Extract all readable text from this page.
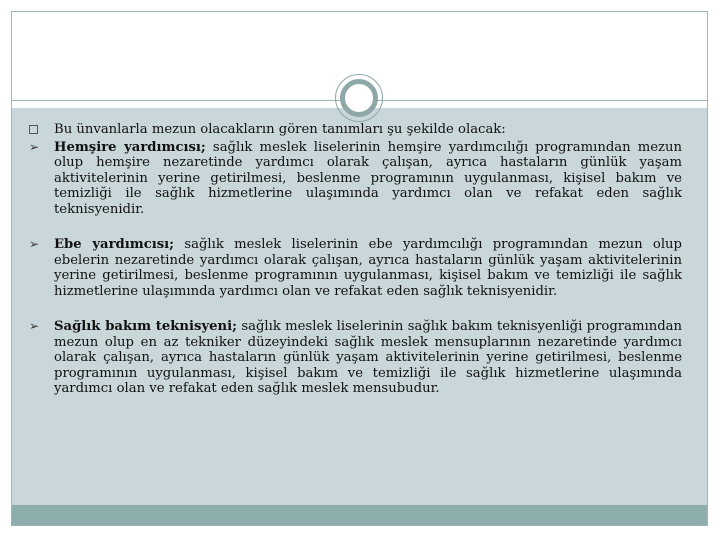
Bu ünvanlarla mezun olacakların gören tanımları şu şekilde olacak:
➢ Hemşire yardımcısı; sağlık meslek liselerinin hemşire yardımcılığı programından mezun olup hemşire nezaretinde yardımcı olarak çalışan, ayrıca hastaların günlük yaşam aktivitelerinin yerine getirilmesi, beslenme programının uygulanması, kişisel bakım ve temizliği ile sağlık hizmetlerine ulaşımında yardımcı olan ve refakat eden sağlık teknisyenidir.
➢ Ebe yardımcısı; sağlık meslek liselerinin ebe yardımcılığı programından mezun olup ebelerin nezaretinde yardımcı olarak çalışan, ayrıca hastaların günlük yaşam aktivitelerinin yerine getirilmesi, beslenme programının uygulanması, kişisel bakım ve temizliği ile sağlık hizmetlerine ulaşımında yardımcı olan ve refakat eden sağlık teknisyenidir.
➢ Sağlık bakım teknisyeni; sağlık meslek liselerinin sağlık bakım teknisyenliği programından mezun olup en az tekniker düzeyindeki sağlık meslek mensuplarının nezaretinde yardımcı olarak çalışan, ayrıca hastaların günlük yaşam aktivitelerinin yerine getirilmesi, beslenme programının uygulanması, kişisel bakım ve temizliği ile sağlık hizmetlerine ulaşımında yardımcı olan ve refakat eden sağlık meslek mensubudur.
